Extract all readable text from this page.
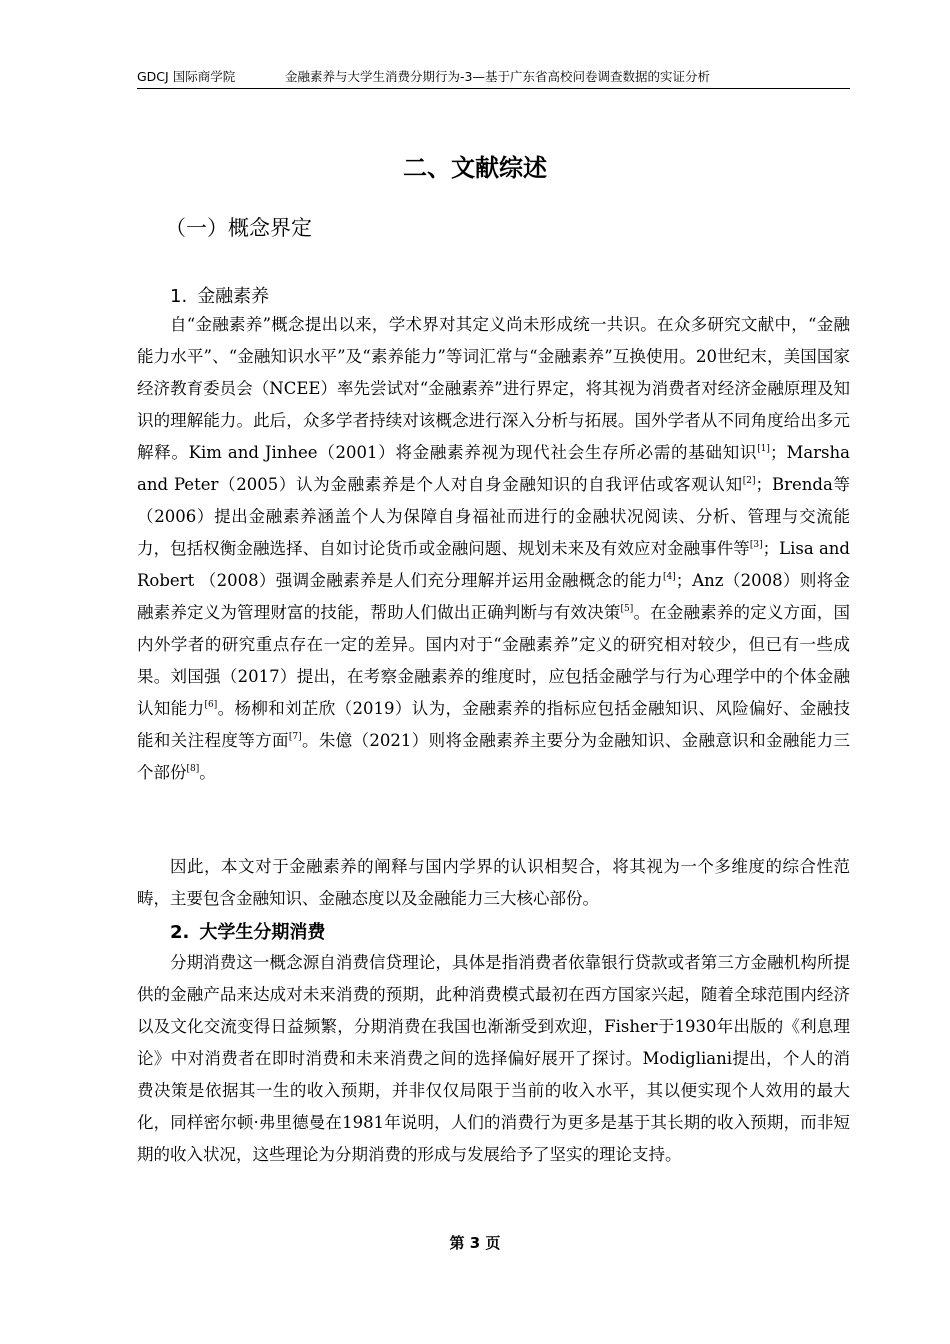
GDCJ 国际商学院	金融素养与大学生消费分期行为-3—基于广东省高校问卷调查数据的实证分析
二、文献综述
（一）概念界定
1. 金融素养
自“金融素养”概念提出以来，学术界对其定义尚未形成统一共识。在众多研究文献中，“金融能力水平”、“金融知识水平”及“素养能力”等词汇常与“金融素养”互换使用。20世纪末，美国国家经济教育委员会（NCEE）率先尝试对“金融素养”进行界定，将其视为消费者对经济金融原理及知识的理解能力。此后，众多学者持续对该概念进行深入分析与拓展。国外学者从不同角度给出多元解释。Kim and Jinhee（2001）将金融素养视为现代社会生存所必需的基础知识[1]；Marsha and Peter（2005）认为金融素养是个人对自身金融知识的自我评估或客观认知[2]；Brenda等（2006）提出金融素养涵盖个人为保障自身福祉而进行的金融状况阅读、分析、管理与交流能力，包括权衡金融选择、自如讨论货币或金融问题、规划未来及有效应对金融事件等[3]；Lisa and Robert （2008）强调金融素养是人们充分理解并运用金融概念的能力[4]；Anz（2008）则将金融素养定义为管理财富的技能，帮助人们做出正确判断与有效决策[5]。在金融素养的定义方面，国内外学者的研究重点存在一定的差异。国内对于“金融素养”定义的研究相对较少，但已有一些成果。刘国强（2017）提出，在考察金融素养的维度时，应包括金融学与行为心理学中的个体金融认知能力[6]。杨柳和刘芷欣（2019）认为，金融素养的指标应包括金融知识、风险偏好、金融技能和关注程度等方面[7]。朱億（2021）则将金融素养主要分为金融知识、金融意识和金融能力三个部份[8]。
因此，本文对于金融素养的阐释与国内学界的认识相契合，将其视为一个多维度的综合性范畴，主要包含金融知识、金融态度以及金融能力三大核心部份。
2. 大学生分期消费
分期消费这一概念源自消费信贷理论，具体是指消费者依靠银行贷款或者第三方金融机构所提供的金融产品来达成对未来消费的预期，此种消费模式最初在西方国家兴起，随着全球范围内经济以及文化交流变得日益频繁，分期消费在我国也渐渐受到欢迎，Fisher于1930年出版的《利息理论》中对消费者在即时消费和未来消费之间的选择偏好展开了探讨。Modigliani提出，个人的消费决策是依据其一生的收入预期，并非仅仅局限于当前的收入水平，其以便实现个人效用的最大化，同样密尔顿·弗里德曼在1981年说明，人们的消费行为更多是基于其长期的收入预期，而非短期的收入状况，这些理论为分期消费的形成与发展给予了坚实的理论支持。
第 3 页
